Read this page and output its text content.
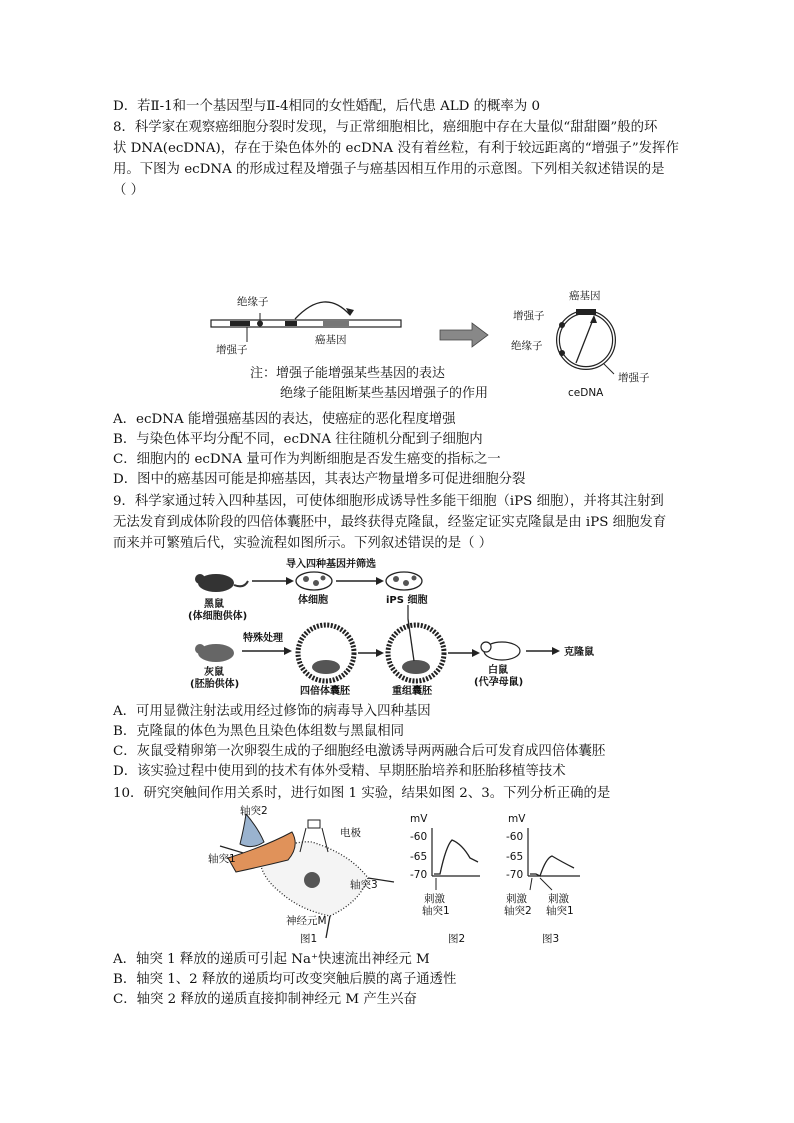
D．若Ⅱ-1和一个基因型与Ⅱ-4相同的女性婚配，后代患 ALD 的概率为 0
8．科学家在观察癌细胞分裂时发现，与正常细胞相比，癌细胞中存在大量似“甜甜圈”般的环
状 DNA(ecDNA)，存在于染色体外的 ecDNA 没有着丝粒，有利于较远距离的“增强子”发挥作
用。下图为 ecDNA 的形成过程及增强子与癌基因相互作用的示意图。下列相关叙述错误的是
（ ）
绝缘子
增强子
癌基因
癌基因
增强子
绝缘子
增强子
ceDNA
注：增强子能增强某些基因的表达
绝缘子能阻断某些基因增强子的作用
A．ecDNA 能增强癌基因的表达，使癌症的恶化程度增强
B．与染色体平均分配不同，ecDNA 往往随机分配到子细胞内
C．细胞内的 ecDNA 量可作为判断细胞是否发生癌变的指标之一
D．图中的癌基因可能是抑癌基因，其表达产物量增多可促进细胞分裂
9．科学家通过转入四种基因，可使体细胞形成诱导性多能干细胞（iPS 细胞），并将其注射到
无法发育到成体阶段的四倍体囊胚中，最终获得克隆鼠，经鉴定证实克隆鼠是由 iPS 细胞发育
而来并可繁殖后代，实验流程如图所示。下列叙述错误的是（ ）
黑鼠
(体细胞供体)
体细胞
导入四种基因并筛选
iPS 细胞
灰鼠
(胚胎供体)
特殊处理
四倍体囊胚	重组囊胚
白鼠
(代孕母鼠)
克隆鼠
A．可用显微注射法或用经过修饰的病毒导入四种基因
B．克隆鼠的体色为黑色且染色体组数与黑鼠相同
C．灰鼠受精卵第一次卵裂生成的子细胞经电激诱导两两融合后可发育成四倍体囊胚
D．该实验过程中使用到的技术有体外受精、早期胚胎培养和胚胎移植等技术
10．研究突触间作用关系时，进行如图 1 实验，结果如图 2、3。下列分析正确的是
轴突2
电极
轴突1
轴突3
神经元M
图1
mV
-60
-65
-70
刺激
轴突1
图2
mV
-60
-65
-70
刺激
轴突2
刺激
轴突1
图3
A．轴突 1 释放的递质可引起 Na⁺快速流出神经元 M
B．轴突 1、2 释放的递质均可改变突触后膜的离子通透性
C．轴突 2 释放的递质直接抑制神经元 M 产生兴奋
